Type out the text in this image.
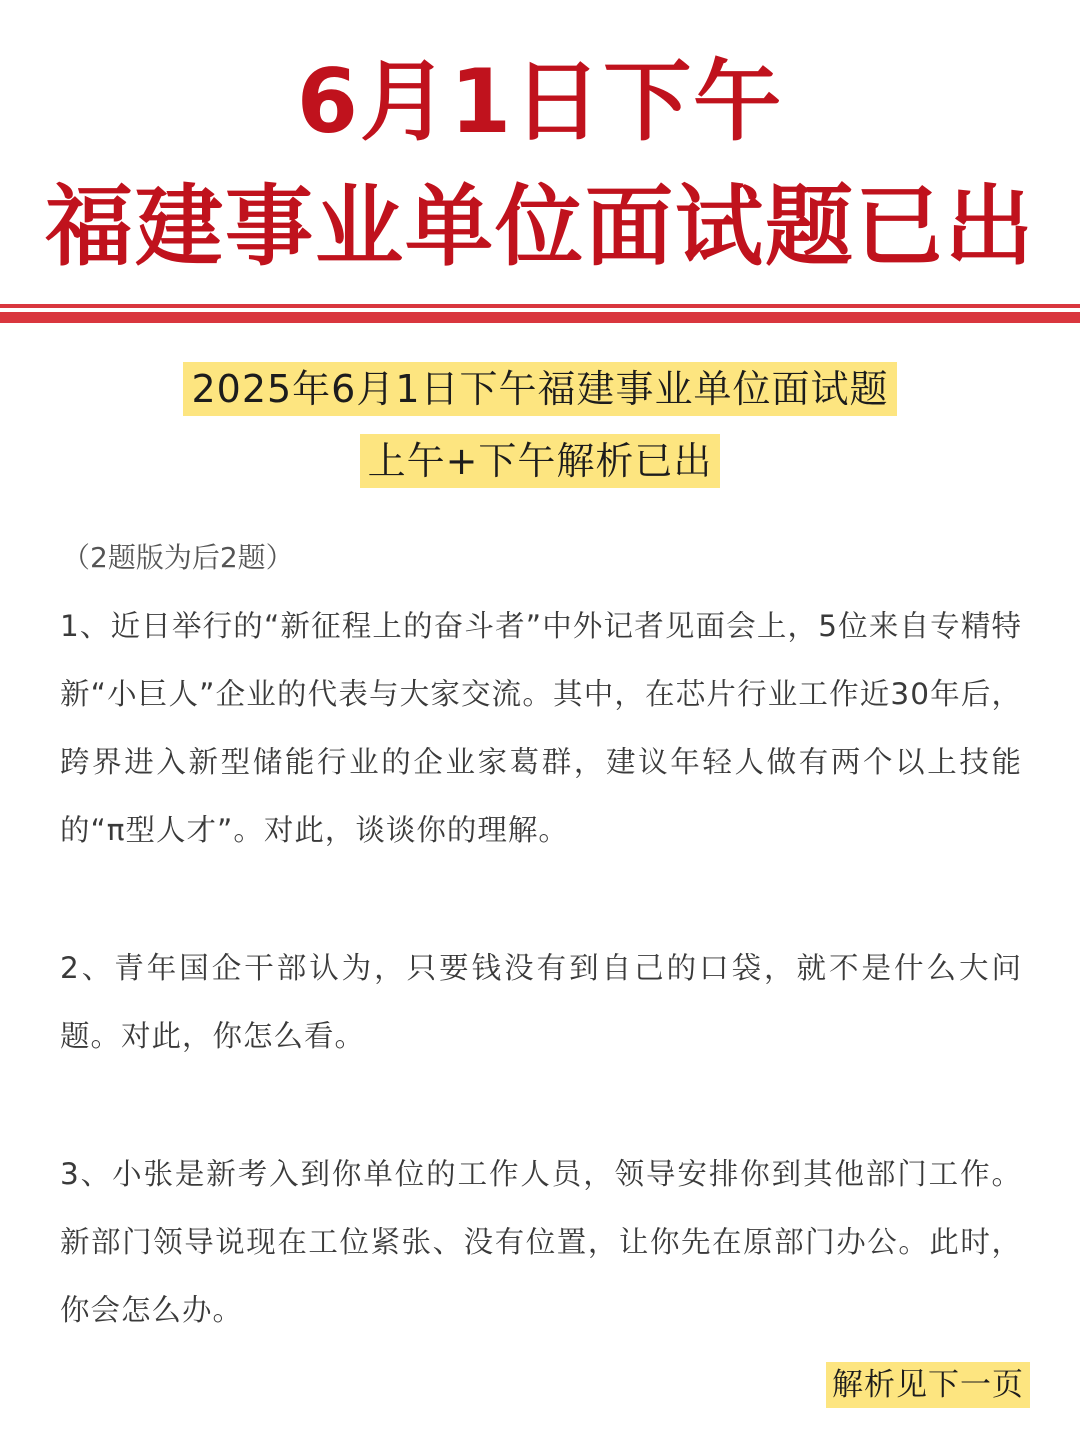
6月1日下午
福建事业单位面试题已出
2025年6月1日下午福建事业单位面试题
上午+下午解析已出
（2题版为后2题）

1、近日举行的“新征程上的奋斗者”中外记者见面会上，5位来自专精特新“小巨人”企业的代表与大家交流。其中，在芯片行业工作近30年后，跨界进入新型储能行业的企业家葛群，建议年轻人做有两个以上技能的“π型人才”。对此，谈谈你的理解。

2、青年国企干部认为，只要钱没有到自己的口袋，就不是什么大问题。对此，你怎么看。

3、小张是新考入到你单位的工作人员，领导安排你到其他部门工作。新部门领导说现在工位紧张、没有位置，让你先在原部门办公。此时，你会怎么办。

解析见下一页
